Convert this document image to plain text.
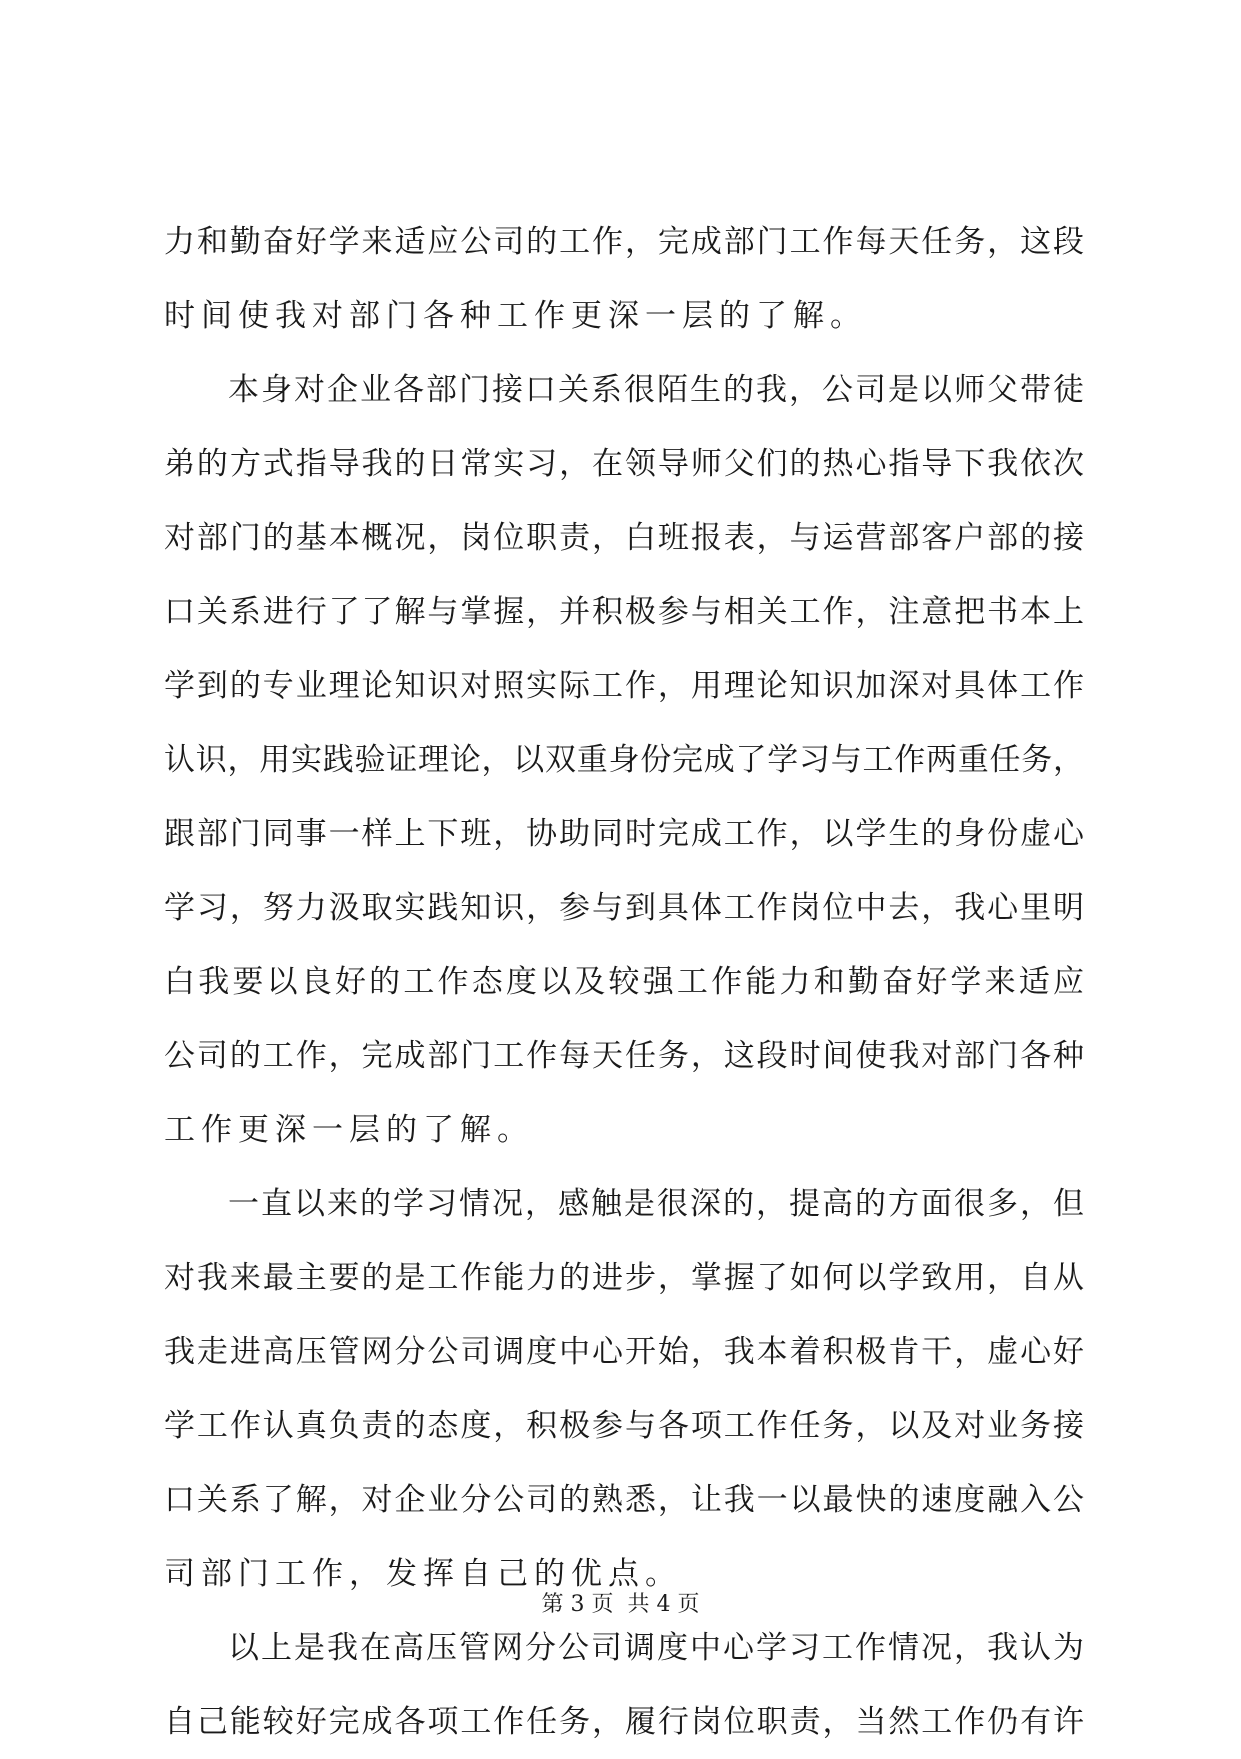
力和勤奋好学来适应公司的工作，完成部门工作每天任务，这段
时间使我对部门各种工作更深一层的了解。
本身对企业各部门接口关系很陌生的我，公司是以师父带徒
弟的方式指导我的日常实习，在领导师父们的热心指导下我依次
对部门的基本概况，岗位职责，白班报表，与运营部客户部的接
口关系进行了了解与掌握，并积极参与相关工作，注意把书本上
学到的专业理论知识对照实际工作，用理论知识加深对具体工作
认识，用实践验证理论，以双重身份完成了学习与工作两重任务，
跟部门同事一样上下班，协助同时完成工作，以学生的身份虚心
学习，努力汲取实践知识，参与到具体工作岗位中去，我心里明
白我要以良好的工作态度以及较强工作能力和勤奋好学来适应
公司的工作，完成部门工作每天任务，这段时间使我对部门各种
工作更深一层的了解。
一直以来的学习情况，感触是很深的，提高的方面很多，但
对我来最主要的是工作能力的进步，掌握了如何以学致用，自从
我走进高压管网分公司调度中心开始，我本着积极肯干，虚心好
学工作认真负责的态度，积极参与各项工作任务，以及对业务接
口关系了解，对企业分公司的熟悉，让我一以最快的速度融入公
司部门工作，发挥自己的优点。
以上是我在高压管网分公司调度中心学习工作情况，我认为
自己能较好完成各项工作任务，履行岗位职责，当然工作仍有许
第 3 页 共 4 页
